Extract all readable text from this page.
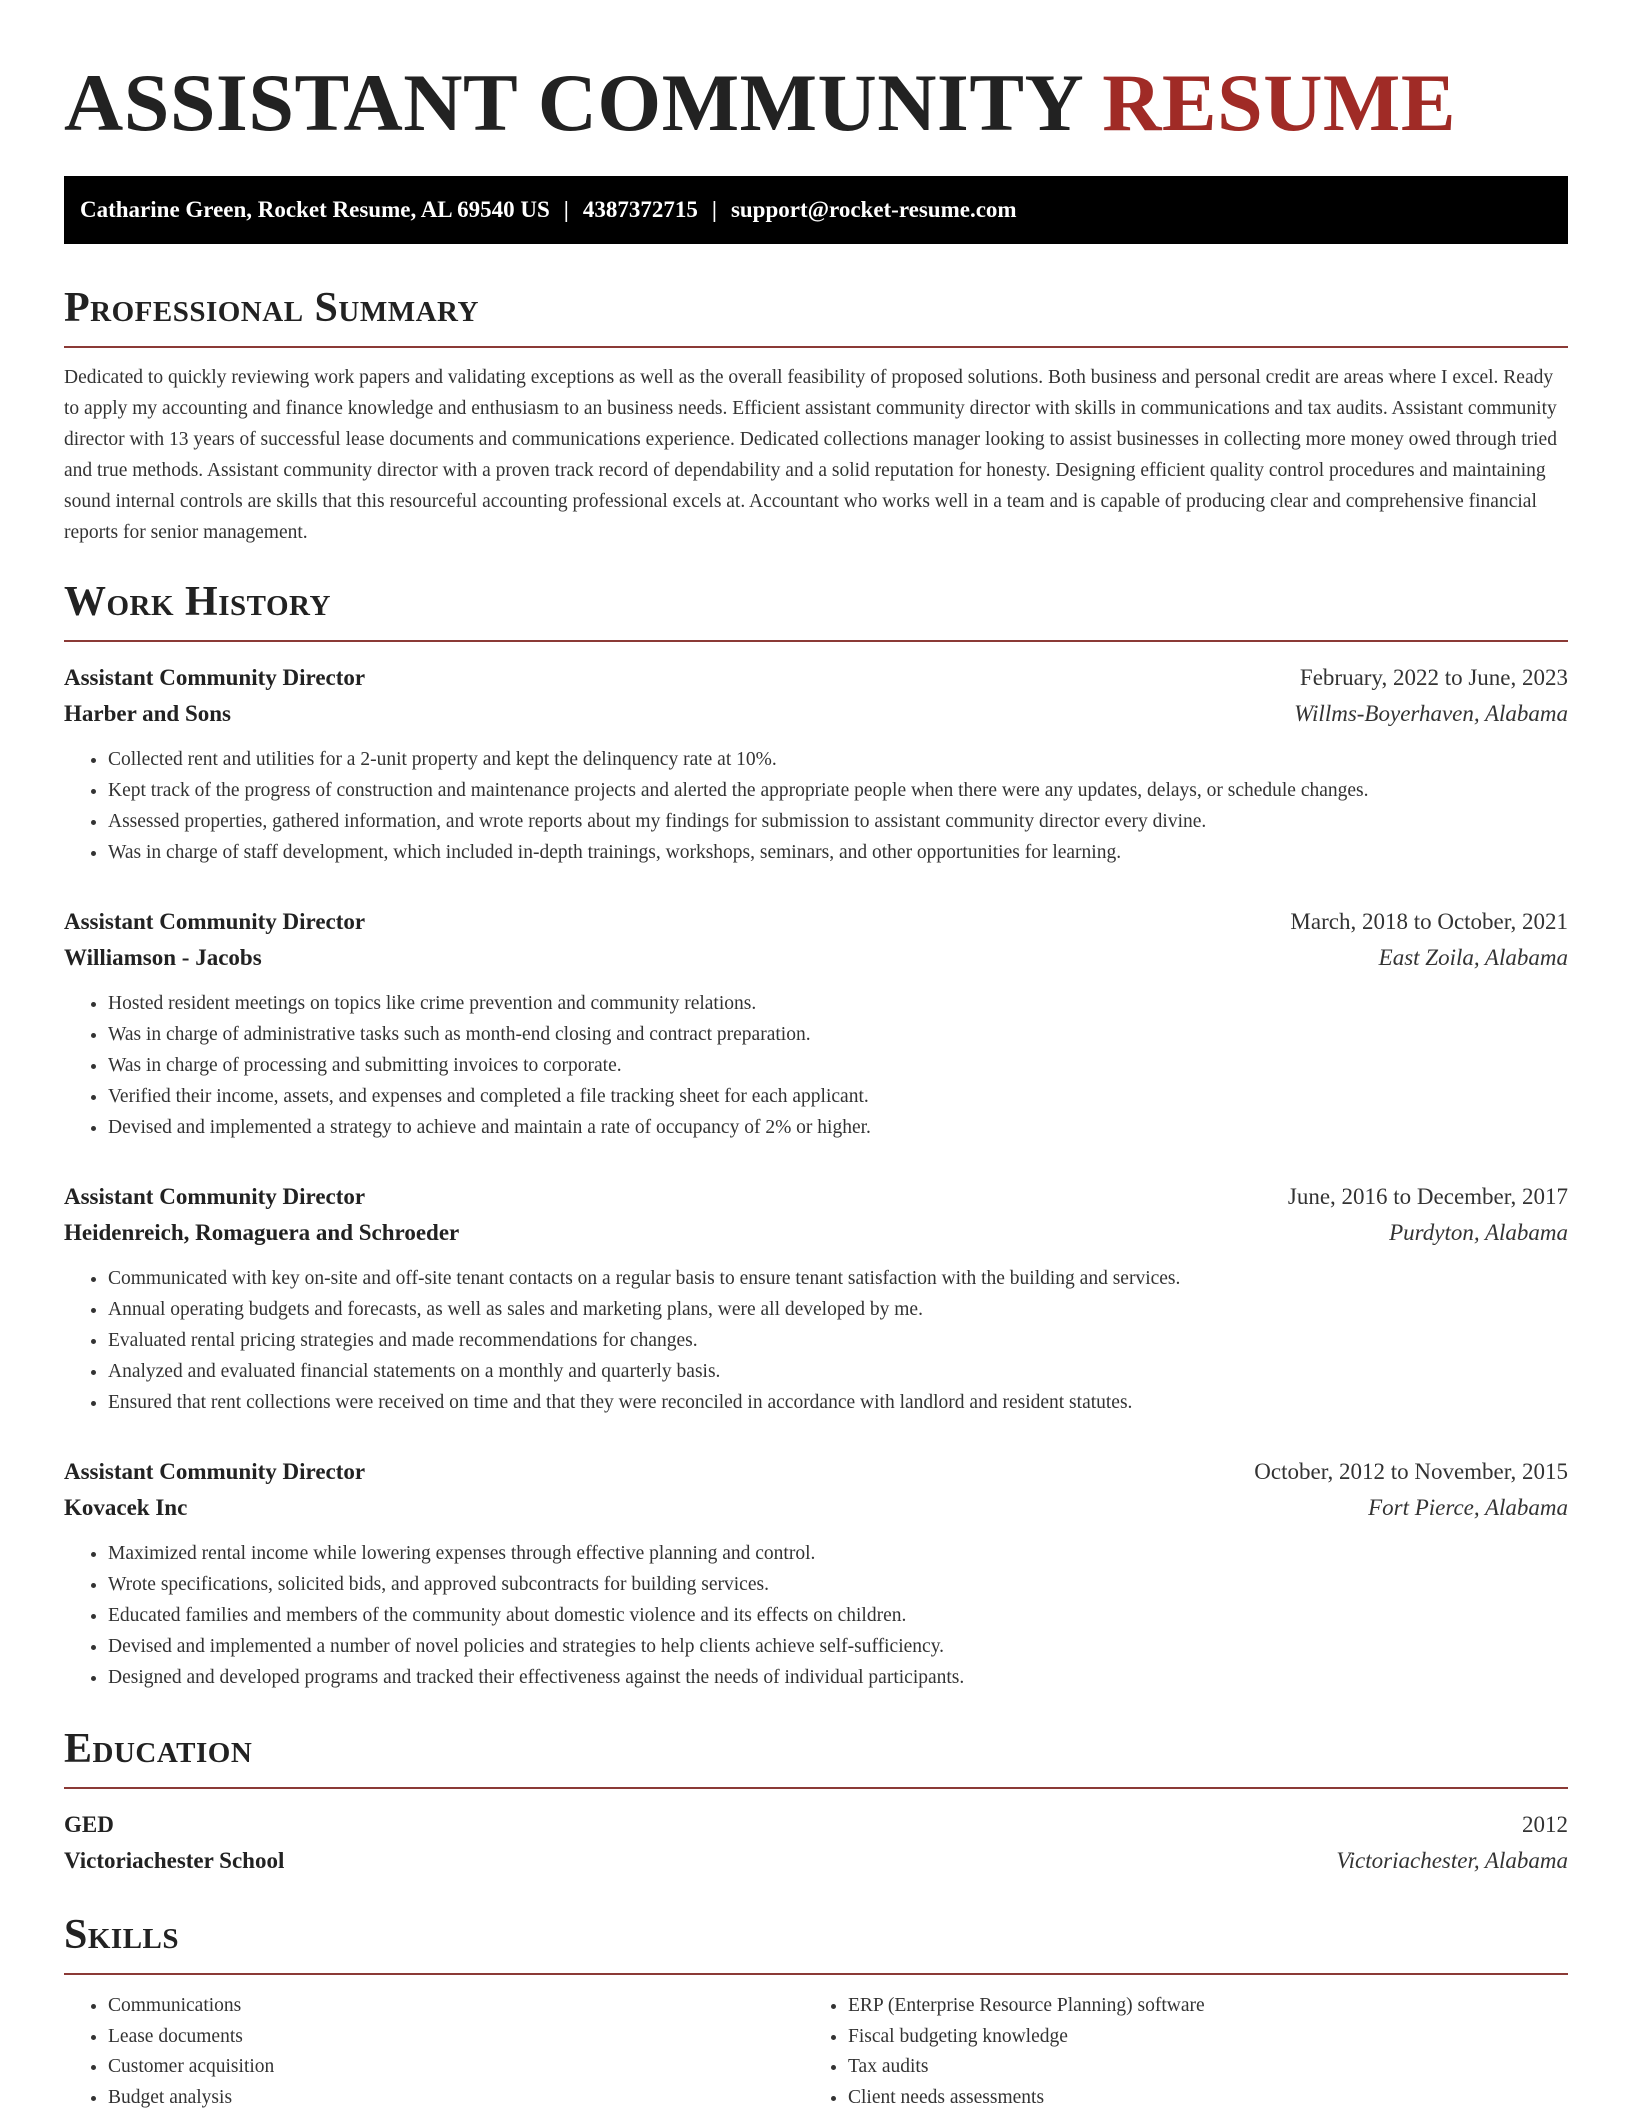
ASSISTANT COMMUNITY RESUME
Catharine Green, Rocket Resume, AL 69540 US | 4387372715 | support@rocket-resume.com
Professional Summary

Dedicated to quickly reviewing work papers and validating exceptions as well as the overall feasibility of proposed solutions. Both business and personal credit are areas where I excel. Ready to apply my accounting and finance knowledge and enthusiasm to an business needs. Efficient assistant community director with skills in communications and tax audits. Assistant community director with 13 years of successful lease documents and communications experience. Dedicated collections manager looking to assist businesses in collecting more money owed through tried and true methods. Assistant community director with a proven track record of dependability and a solid reputation for honesty. Designing efficient quality control procedures and maintaining sound internal controls are skills that this resourceful accounting professional excels at. Accountant who works well in a team and is capable of producing clear and comprehensive financial reports for senior management.

Work History
Assistant Community Director	February, 2022 to June, 2023
Harber and Sons	Willms-Boyerhaven, Alabama
• Collected rent and utilities for a 2-unit property and kept the delinquency rate at 10%.
• Kept track of the progress of construction and maintenance projects and alerted the appropriate people when there were any updates, delays, or schedule changes.
• Assessed properties, gathered information, and wrote reports about my findings for submission to assistant community director every divine.
• Was in charge of staff development, which included in-depth trainings, workshops, seminars, and other opportunities for learning.
Assistant Community Director	March, 2018 to October, 2021
Williamson - Jacobs	East Zoila, Alabama
• Hosted resident meetings on topics like crime prevention and community relations.
• Was in charge of administrative tasks such as month-end closing and contract preparation.
• Was in charge of processing and submitting invoices to corporate.
• Verified their income, assets, and expenses and completed a file tracking sheet for each applicant.
• Devised and implemented a strategy to achieve and maintain a rate of occupancy of 2% or higher.
Assistant Community Director	June, 2016 to December, 2017
Heidenreich, Romaguera and Schroeder	Purdyton, Alabama
• Communicated with key on-site and off-site tenant contacts on a regular basis to ensure tenant satisfaction with the building and services.
• Annual operating budgets and forecasts, as well as sales and marketing plans, were all developed by me.
• Evaluated rental pricing strategies and made recommendations for changes.
• Analyzed and evaluated financial statements on a monthly and quarterly basis.
• Ensured that rent collections were received on time and that they were reconciled in accordance with landlord and resident statutes.
Assistant Community Director	October, 2012 to November, 2015
Kovacek Inc	Fort Pierce, Alabama
• Maximized rental income while lowering expenses through effective planning and control.
• Wrote specifications, solicited bids, and approved subcontracts for building services.
• Educated families and members of the community about domestic violence and its effects on children.
• Devised and implemented a number of novel policies and strategies to help clients achieve self-sufficiency.
• Designed and developed programs and tracked their effectiveness against the needs of individual participants.
Education
GED	2012
Victoriachester School	Victoriachester, Alabama
Skills
• Communications
• Lease documents
• Customer acquisition
• Budget analysis
• ERP (Enterprise Resource Planning) software
• Fiscal budgeting knowledge
• Tax audits
• Client needs assessments
